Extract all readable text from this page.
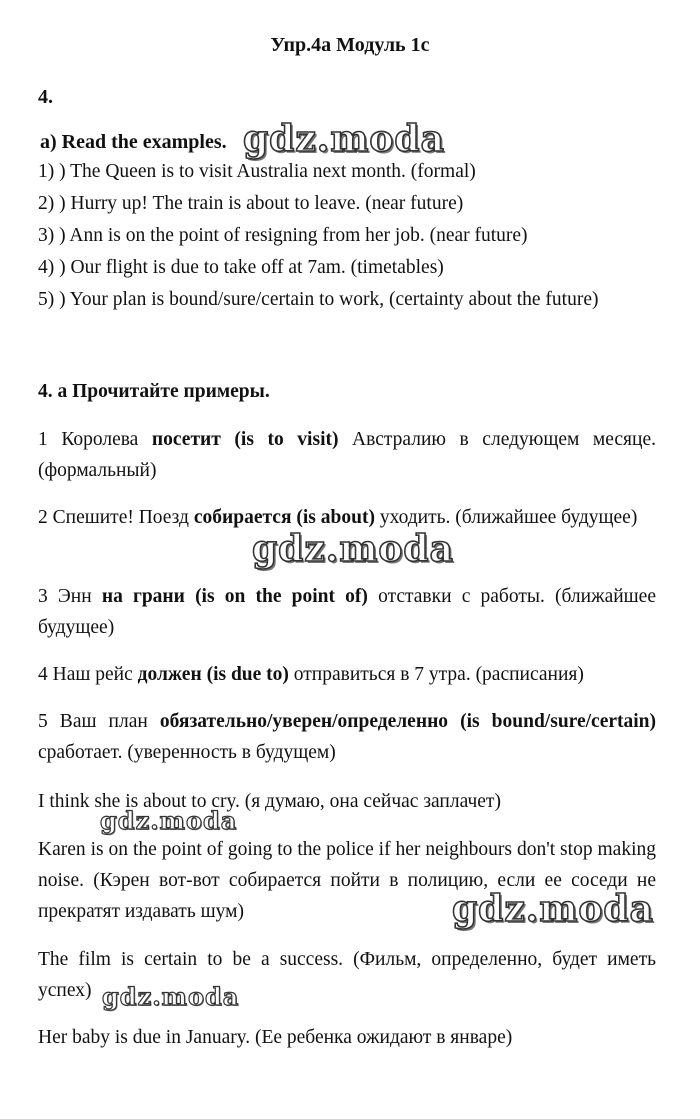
Упр.4a Модуль 1c
4.
a) Read the examples.
1) ) The Queen is to visit Australia next month. (formal)
2) ) Hurry up! The train is about to leave. (near future)
3) ) Ann is on the point of resigning from her job. (near future)
4) ) Our flight is due to take off at 7am. (timetables)
5) ) Your plan is bound/sure/certain to work, (certainty about the future)
4. a Прочитайте примеры.
1 Королева посетит (is to visit) Австралию в следующем месяце. (формальный)
2 Спешите! Поезд собирается (is about) уходить. (ближайшее будущее)
3 Энн на грани (is on the point of) отставки с работы. (ближайшее будущее)
4 Наш рейс должен (is due to) отправиться в 7 утра. (расписания)
5 Ваш план обязательно/уверен/определенно (is bound/sure/certain) сработает. (уверенность в будущем)
I think she is about to cry. (я думаю, она сейчас заплачет)
Karen is on the point of going to the police if her neighbours don't stop making noise. (Кэрен вот-вот собирается пойти в полицию, если ее соседи не прекратят издавать шум)
The film is certain to be a success. (Фильм, определенно, будет иметь успех)
Her baby is due in January. (Ее ребенка ожидают в январе)
gdz.moda
gdz.moda
gdz.moda
gdz.moda
gdz.moda
